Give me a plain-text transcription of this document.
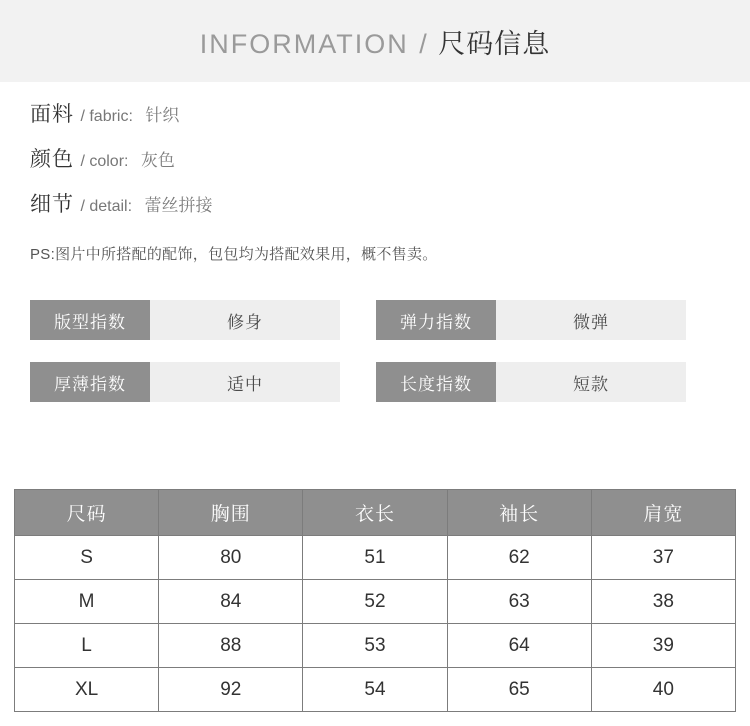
INFORMATION / 尺码信息
面料 / fabric: 针织
颜色 / color: 灰色
细节 / detail: 蕾丝拼接
PS:图片中所搭配的配饰，包包均为搭配效果用，概不售卖。
版型指数	修身	弹力指数	微弹
厚薄指数	适中	长度指数	短款
尺码	胸围	衣长	袖长	肩宽
S	80	51	62	37
M	84	52	63	38
L	88	53	64	39
XL	92	54	65	40
